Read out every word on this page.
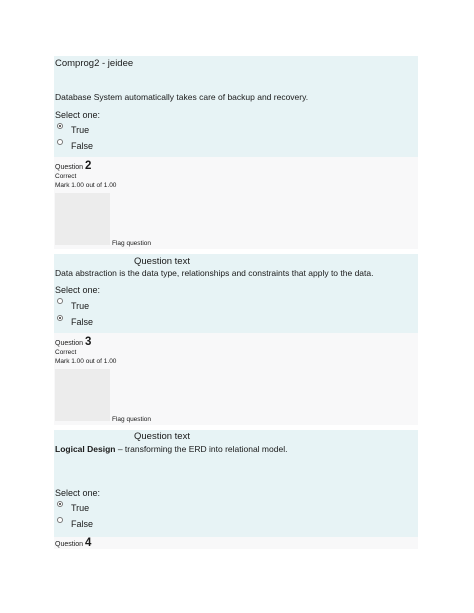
Comprog2 - jeidee
Database System automatically takes care of backup and recovery.
Select one:
True
False
Question 2
Correct
Mark 1.00 out of 1.00
Flag question
Question text
Data abstraction is the data type, relationships and constraints that apply to the data.
Select one:
True
False
Question 3
Correct
Mark 1.00 out of 1.00
Flag question
Question text
Logical Design – transforming the ERD into relational model.
Select one:
True
False
Question 4
